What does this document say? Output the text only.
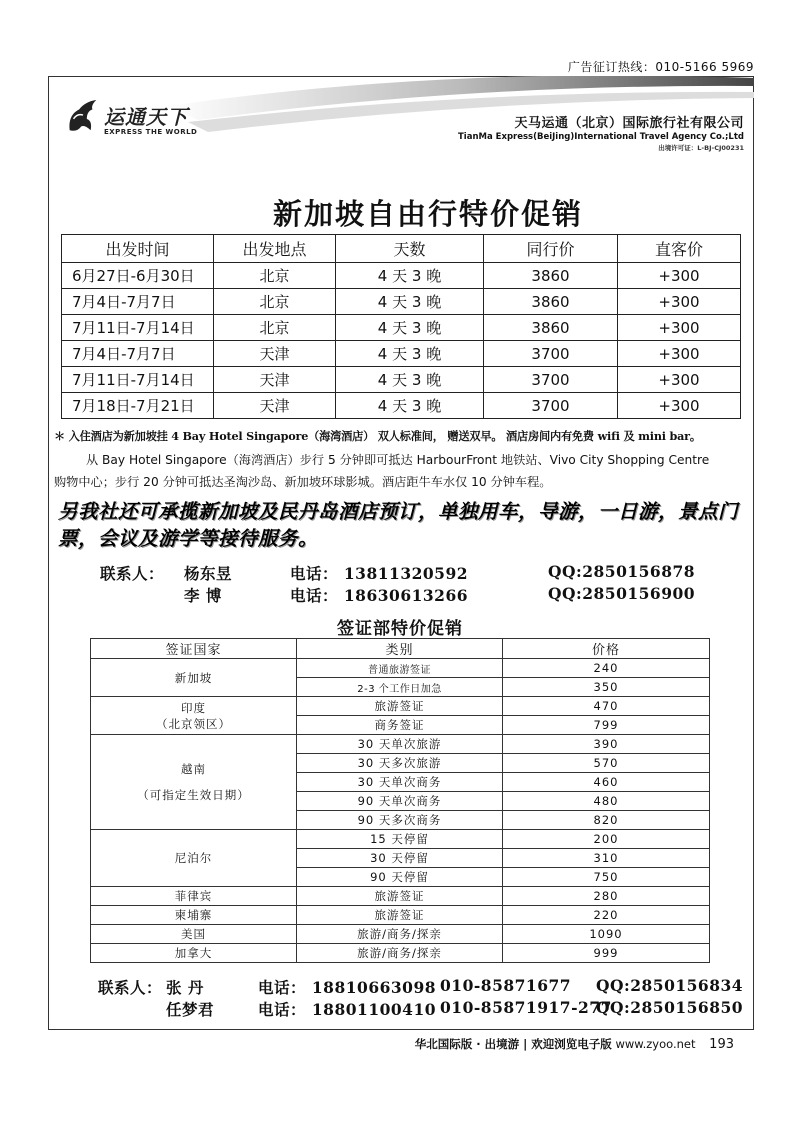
广告征订热线：010-5166 5969
运通天下
EXPRESS THE WORLD
天马运通（北京）国际旅行社有限公司
TianMa Express(BeiJing)International Travel Agency Co.;Ltd
出境许可证：L-BJ-CJ00231
新加坡自由行特价促销
出发时间	出发地点	天数	同行价	直客价
6月27日-6月30日	北京	4 天 3 晚	3860	+300
7月4日-7月7日	北京	4 天 3 晚	3860	+300
7月11日-7月14日	北京	4 天 3 晚	3860	+300
7月4日-7月7日	天津	4 天 3 晚	3700	+300
7月11日-7月14日	天津	4 天 3 晚	3700	+300
7月18日-7月21日	天津	4 天 3 晚	3700	+300
＊ 入住酒店为新加坡挂 4 Bay Hotel Singapore（海湾酒店） 双人标准间， 赠送双早。 酒店房间内有免费 wifi 及 mini bar。
从 Bay Hotel Singapore（海湾酒店）步行 5 分钟即可抵达 HarbourFront 地铁站、Vivo City Shopping Centre
购物中心；步行 20 分钟可抵达圣淘沙岛、新加坡环球影城。酒店距牛车水仅 10 分钟车程。
另我社还可承揽新加坡及民丹岛酒店预订，单独用车，导游，一日游，景点门票，会议及游学等接待服务。
联系人： 杨东昱	电话： 13811320592	QQ:2850156878
李 博	电话： 18630613266	QQ:2850156900
签证部特价促销
签证国家	类别	价格
新加坡	普通旅游签证	240
	2-3 个工作日加急	350

印度
（北京领区）	旅游签证	470
	商务签证	799

越南
（可指定生效日期）	30 天单次旅游	390
	30 天多次旅游	570
	30 天单次商务	460
	90 天单次商务	480
	90 天多次商务	820
尼泊尔	15 天停留	200
	30 天停留	310
	90 天停留	750
菲律宾	旅游签证	280
柬埔寨	旅游签证	220
美国	旅游/商务/探亲	1090
加拿大	旅游/商务/探亲	999
联系人： 张 丹	电话： 18810663098 010-85871677 QQ:2850156834
任梦君	电话： 18801100410 010-85871917-277
QQ:2850156850
华北国际版 · 出境游 | 欢迎浏览电子版 www.zyoo.net 193
